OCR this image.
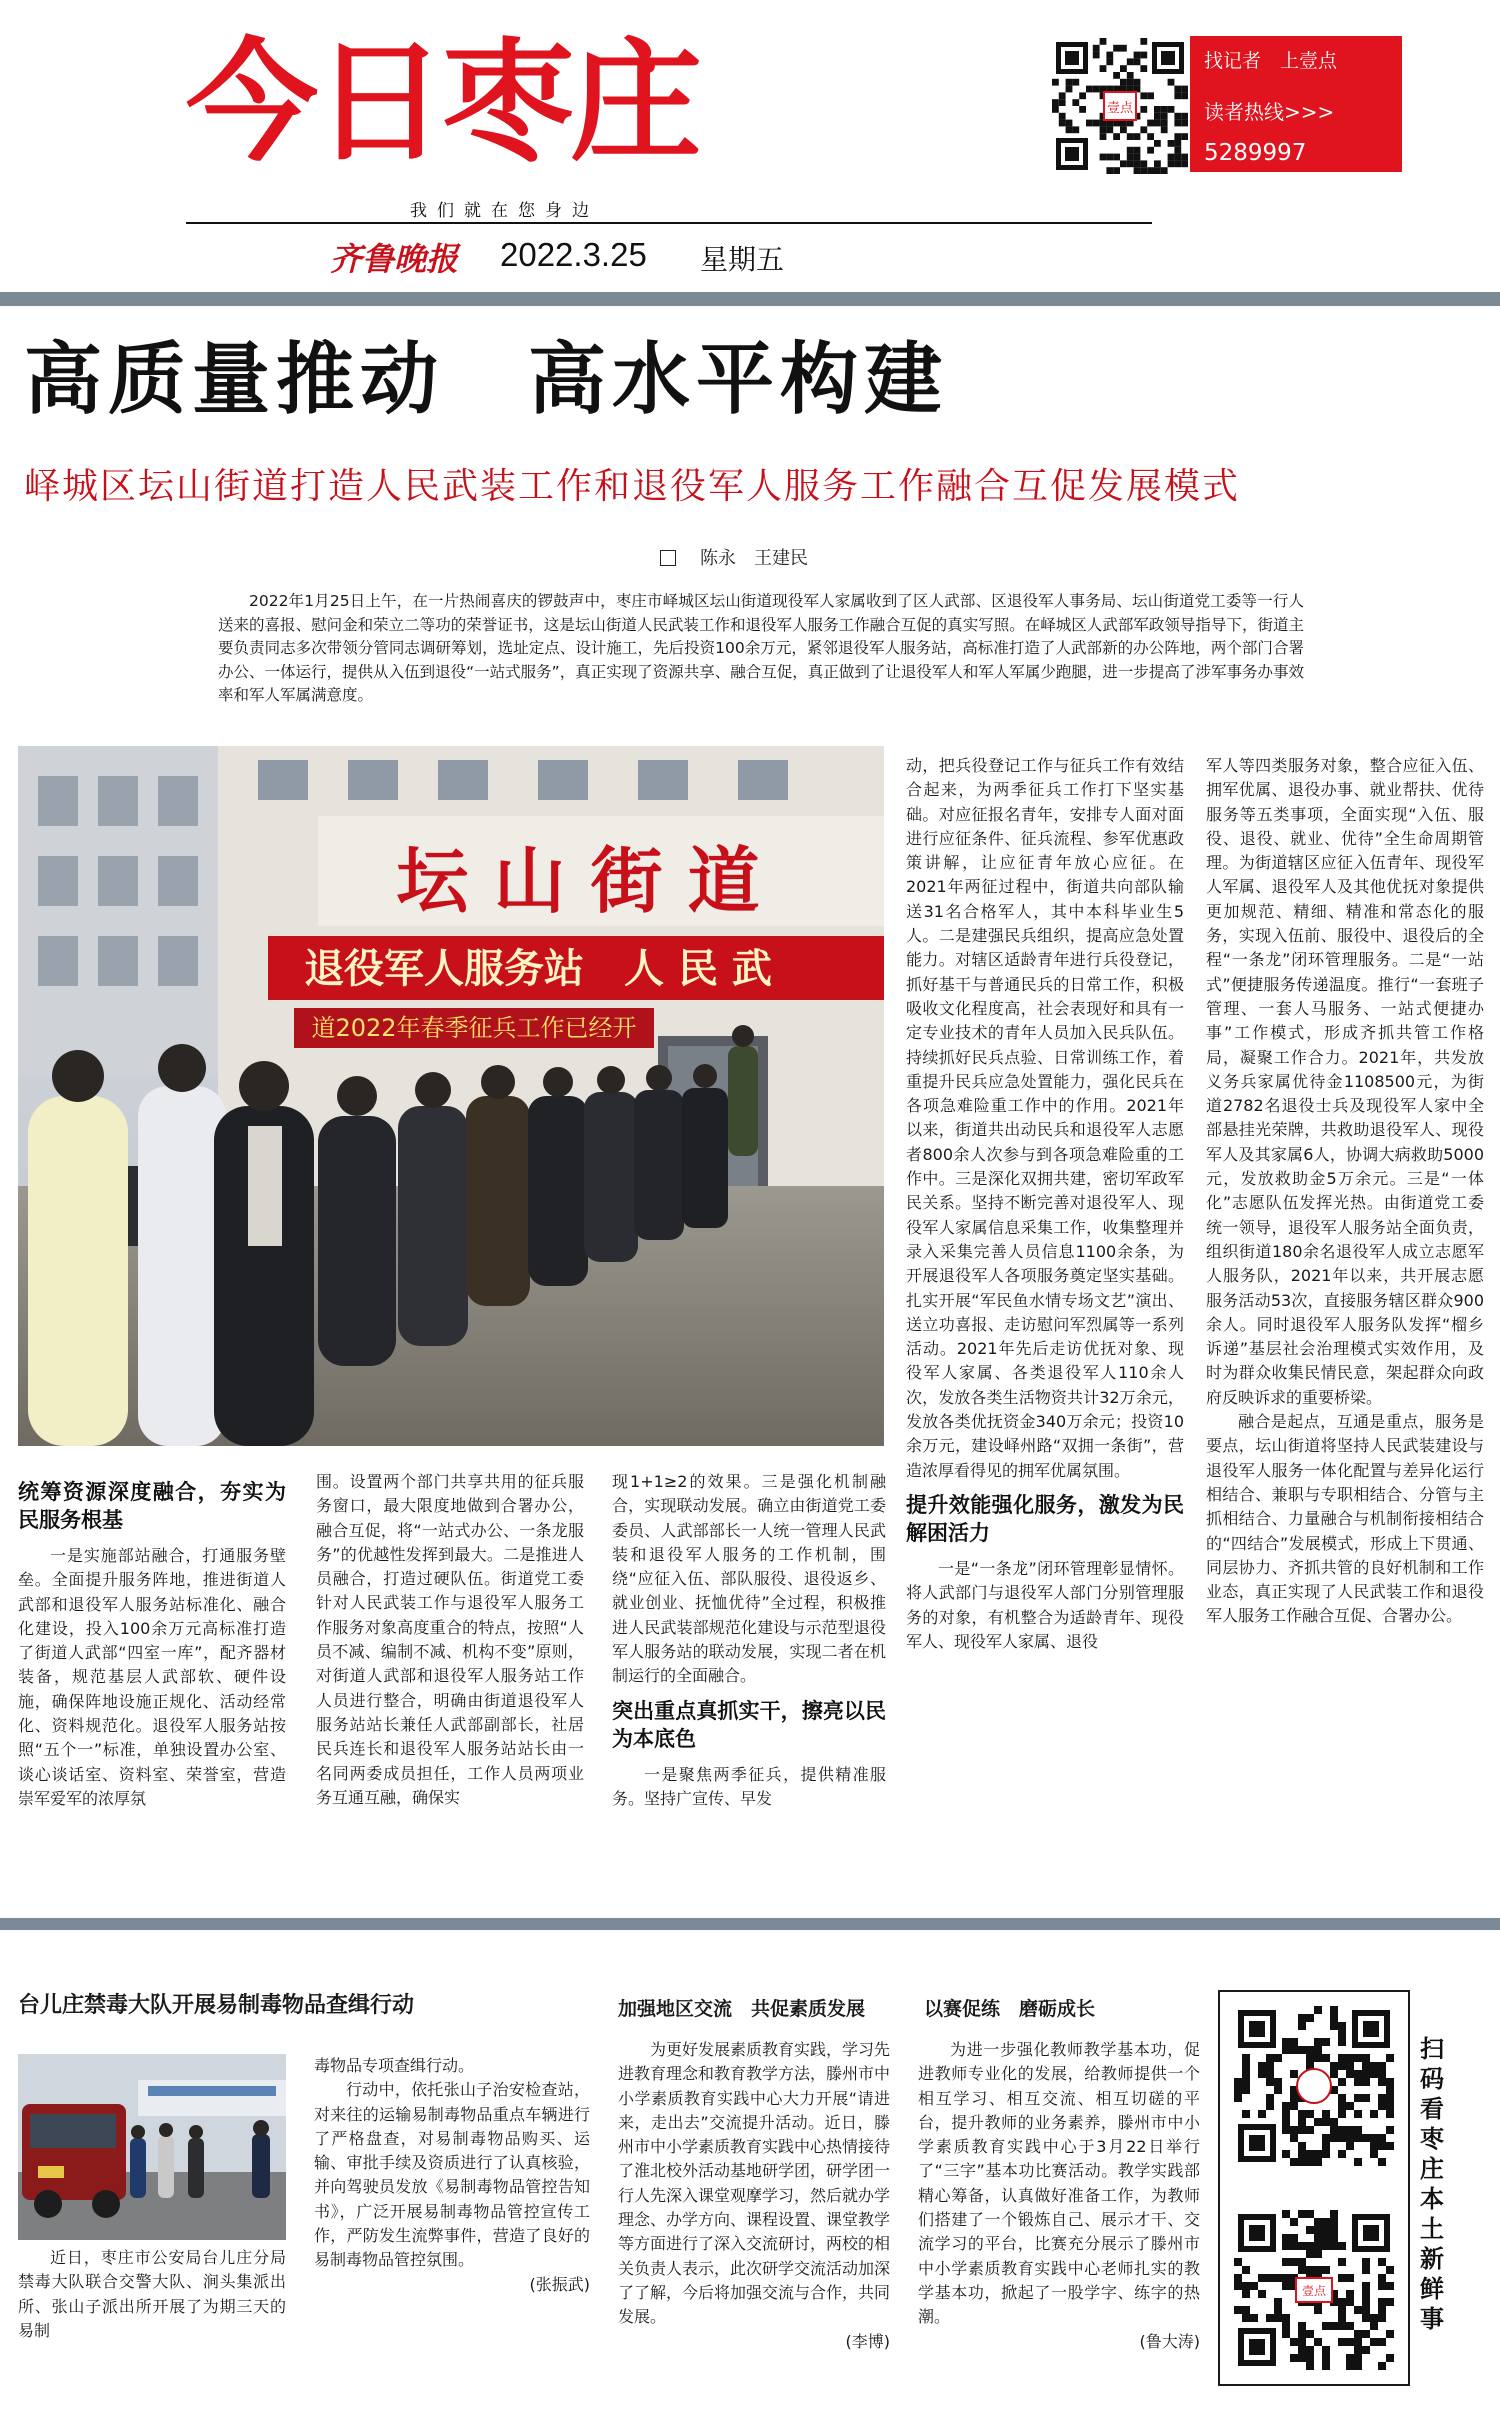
今日枣庄
我们就在您身边
齐鲁晚报 2022.3.25 星期五
壹点
找记者　上壹点
读者热线>>>
5289997
高质量推动　高水平构建
峄城区坛山街道打造人民武装工作和退役军人服务工作融合互促发展模式
陈永　王建民
2022年1月25日上午，在一片热闹喜庆的锣鼓声中，枣庄市峄城区坛山街道现役军人家属收到了区人武部、区退役军人事务局、坛山街道党工委等一行人送来的喜报、慰问金和荣立二等功的荣誉证书，这是坛山街道人民武装工作和退役军人服务工作融合互促的真实写照。在峄城区人武部军政领导指导下，街道主要负责同志多次带领分管同志调研筹划，选址定点、设计施工，先后投资100余万元，紧邻退役军人服务站，高标准打造了人武部新的办公阵地，两个部门合署办公、一体运行，提供从入伍到退役“一站式服务”，真正实现了资源共享、融合互促，真正做到了让退役军人和军人军属少跑腿，进一步提高了涉军事务办事效率和军人军属满意度。
坛 山 街 道
退役军人服务站　人 民 武
道2022年春季征兵工作已经开
统筹资源深度融合，夯实为民服务根基

一是实施部站融合，打通服务壁垒。全面提升服务阵地，推进街道人武部和退役军人服务站标准化、融合化建设，投入100余万元高标准打造了街道人武部“四室一库”，配齐器材装备，规范基层人武部软、硬件设施，确保阵地设施正规化、活动经常化、资料规范化。退役军人服务站按照“五个一”标准，单独设置办公室、谈心谈话室、资料室、荣誉室，营造崇军爱军的浓厚氛

围。设置两个部门共享共用的征兵服务窗口，最大限度地做到合署办公，融合互促，将“一站式办公、一条龙服务”的优越性发挥到最大。二是推进人员融合，打造过硬队伍。街道党工委针对人民武装工作与退役军人服务工作服务对象高度重合的特点，按照“人员不减、编制不减、机构不变”原则，对街道人武部和退役军人服务站工作人员进行整合，明确由街道退役军人服务站站长兼任人武部副部长，社居民兵连长和退役军人服务站站长由一名同两委成员担任，工作人员两项业务互通互融，确保实

现1+1≥2的效果。三是强化机制融合，实现联动发展。确立由街道党工委委员、人武部部长一人统一管理人民武装和退役军人服务的工作机制，围绕“应征入伍、部队服役、退役返乡、就业创业、抚恤优待”全过程，积极推进人民武装部规范化建设与示范型退役军人服务站的联动发展，实现二者在机制运行的全面融合。

突出重点真抓实干，擦亮以民为本底色

一是聚焦两季征兵，提供精准服务。坚持广宣传、早发

动，把兵役登记工作与征兵工作有效结合起来，为两季征兵工作打下坚实基础。对应征报名青年，安排专人面对面进行应征条件、征兵流程、参军优惠政策讲解，让应征青年放心应征。在2021年两征过程中，街道共向部队输送31名合格军人，其中本科毕业生5人。二是建强民兵组织，提高应急处置能力。对辖区适龄青年进行兵役登记，抓好基干与普通民兵的日常工作，积极吸收文化程度高，社会表现好和具有一定专业技术的青年人员加入民兵队伍。持续抓好民兵点验、日常训练工作，着重提升民兵应急处置能力，强化民兵在各项急难险重工作中的作用。2021年以来，街道共出动民兵和退役军人志愿者800余人次参与到各项急难险重的工作中。三是深化双拥共建，密切军政军民关系。坚持不断完善对退役军人、现役军人家属信息采集工作，收集整理并录入采集完善人员信息1100余条，为开展退役军人各项服务奠定坚实基础。扎实开展“军民鱼水情专场文艺”演出、送立功喜报、走访慰问军烈属等一系列活动。2021年先后走访优抚对象、现役军人家属、各类退役军人110余人次，发放各类生活物资共计32万余元，发放各类优抚资金340万余元；投资10余万元，建设峄州路“双拥一条街”，营造浓厚看得见的拥军优属氛围。

提升效能强化服务，激发为民解困活力

一是“一条龙”闭环管理彰显情怀。将人武部门与退役军人部门分别管理服务的对象，有机整合为适龄青年、现役军人、现役军人家属、退役

军人等四类服务对象，整合应征入伍、拥军优属、退役办事、就业帮扶、优待服务等五类事项，全面实现“入伍、服役、退役、就业、优待”全生命周期管理。为街道辖区应征入伍青年、现役军人军属、退役军人及其他优抚对象提供更加规范、精细、精准和常态化的服务，实现入伍前、服役中、退役后的全程“一条龙”闭环管理服务。二是“一站式”便捷服务传递温度。推行“一套班子管理、一套人马服务、一站式便捷办事”工作模式，形成齐抓共管工作格局，凝聚工作合力。2021年，共发放义务兵家属优待金1108500元，为街道2782名退役士兵及现役军人家中全部悬挂光荣牌，共救助退役军人、现役军人及其家属6人，协调大病救助5000元，发放救助金5万余元。三是“一体化”志愿队伍发挥光热。由街道党工委统一领导，退役军人服务站全面负责，组织街道180余名退役军人成立志愿军人服务队，2021年以来，共开展志愿服务活动53次，直接服务辖区群众900余人。同时退役军人服务队发挥“榴乡诉递”基层社会治理模式实效作用，及时为群众收集民情民意，架起群众向政府反映诉求的重要桥梁。

融合是起点，互通是重点，服务是要点，坛山街道将坚持人民武装建设与退役军人服务一体化配置与差异化运行相结合、兼职与专职相结合、分管与主抓相结合、力量融合与机制衔接相结合的“四结合”发展模式，形成上下贯通、同层协力、齐抓共管的良好机制和工作业态，真正实现了人民武装工作和退役军人服务工作融合互促、合署办公。

台儿庄禁毒大队开展易制毒物品查缉行动

近日，枣庄市公安局台儿庄分局禁毒大队联合交警大队、涧头集派出所、张山子派出所开展了为期三天的易制

毒物品专项查缉行动。

行动中，依托张山子治安检查站，对来往的运输易制毒物品重点车辆进行了严格盘查，对易制毒物品购买、运输、审批手续及资质进行了认真核验，并向驾驶员发放《易制毒物品管控告知书》，广泛开展易制毒物品管控宣传工作，严防发生流弊事件，营造了良好的易制毒物品管控氛围。

(张振武)
加强地区交流　共促素质发展

为更好发展素质教育实践，学习先进教育理念和教育教学方法，滕州市中小学素质教育实践中心大力开展“请进来，走出去”交流提升活动。近日，滕州市中小学素质教育实践中心热情接待了淮北校外活动基地研学团，研学团一行人先深入课堂观摩学习，然后就办学理念、办学方向、课程设置、课堂教学等方面进行了深入交流研讨，两校的相关负责人表示，此次研学交流活动加深了了解，今后将加强交流与合作，共同发展。

(李博)
以赛促练　磨砺成长

为进一步强化教师教学基本功，促进教师专业化的发展，给教师提供一个相互学习、相互交流、相互切磋的平台，提升教师的业务素养，滕州市中小学素质教育实践中心于3月22日举行了“三字”基本功比赛活动。教学实践部精心筹备，认真做好准备工作，为教师们搭建了一个锻炼自己、展示才干、交流学习的平台，比赛充分展示了滕州市中小学素质教育实践中心老师扎实的教学基本功，掀起了一股学字、练字的热潮。

(鲁大涛)
壹点
扫码看枣庄本土新鲜事
